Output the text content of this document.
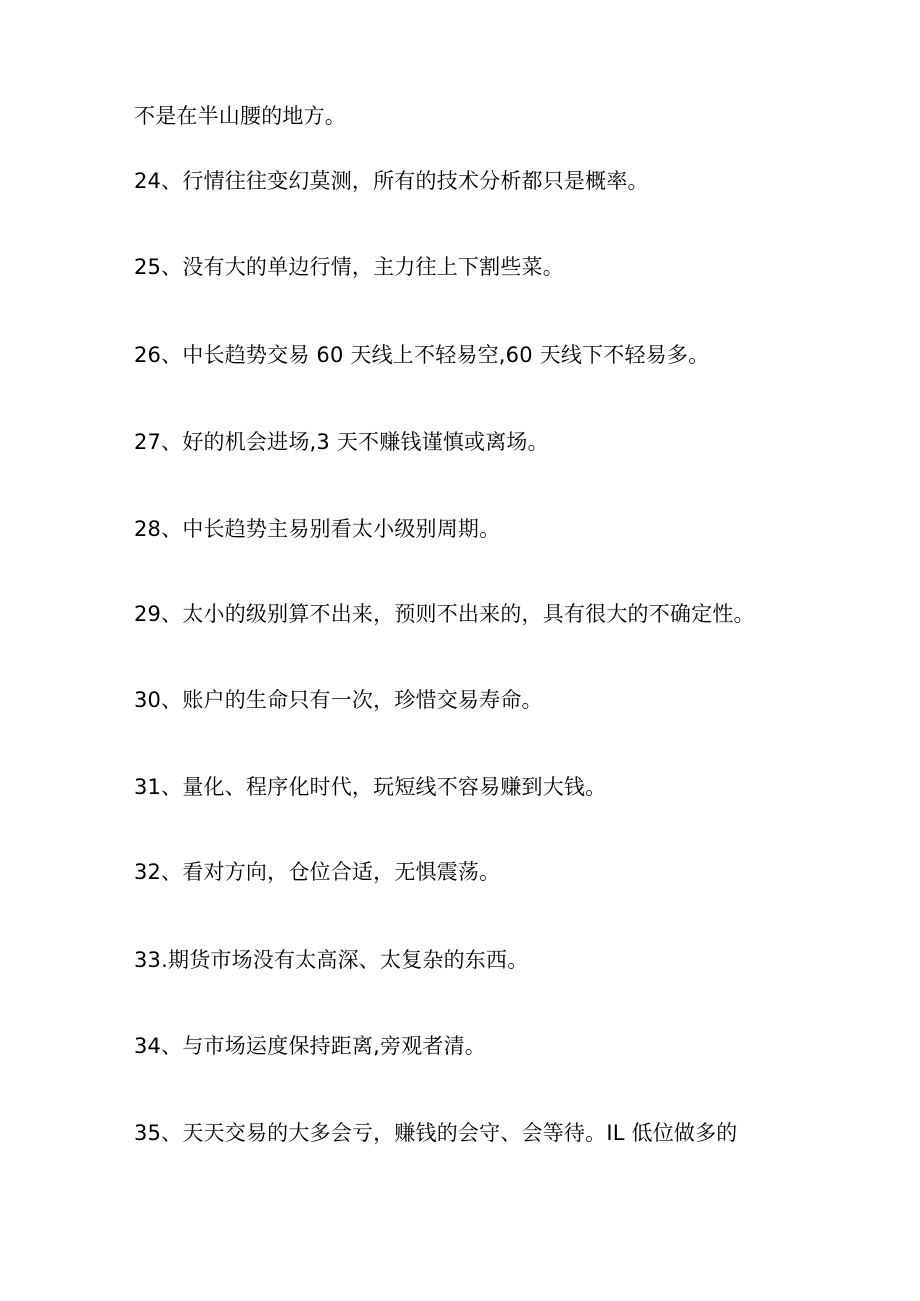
不是在半山腰的地方。

24、行情往往变幻莫测，所有的技术分析都只是概率。

25、没有大的单边行情，主力往上下割些菜。

26、中长趋势交易 60 天线上不轻易空,60 天线下不轻易多。

27、好的机会进场,3 天不赚钱谨慎或离场。

28、中长趋势主易别看太小级别周期。

29、太小的级别算不出来，预则不出来的，具有很大的不确定性。

30、账户的生命只有一次，珍惜交易寿命。

31、量化、程序化时代，玩短线不容易赚到大钱。

32、看对方向，仓位合适，无惧震荡。

33.期货市场没有太高深、太复杂的东西。

34、与市场运度保持距离,旁观者清。

35、天天交易的大多会亏，赚钱的会守、会等待。IL 低位做多的
